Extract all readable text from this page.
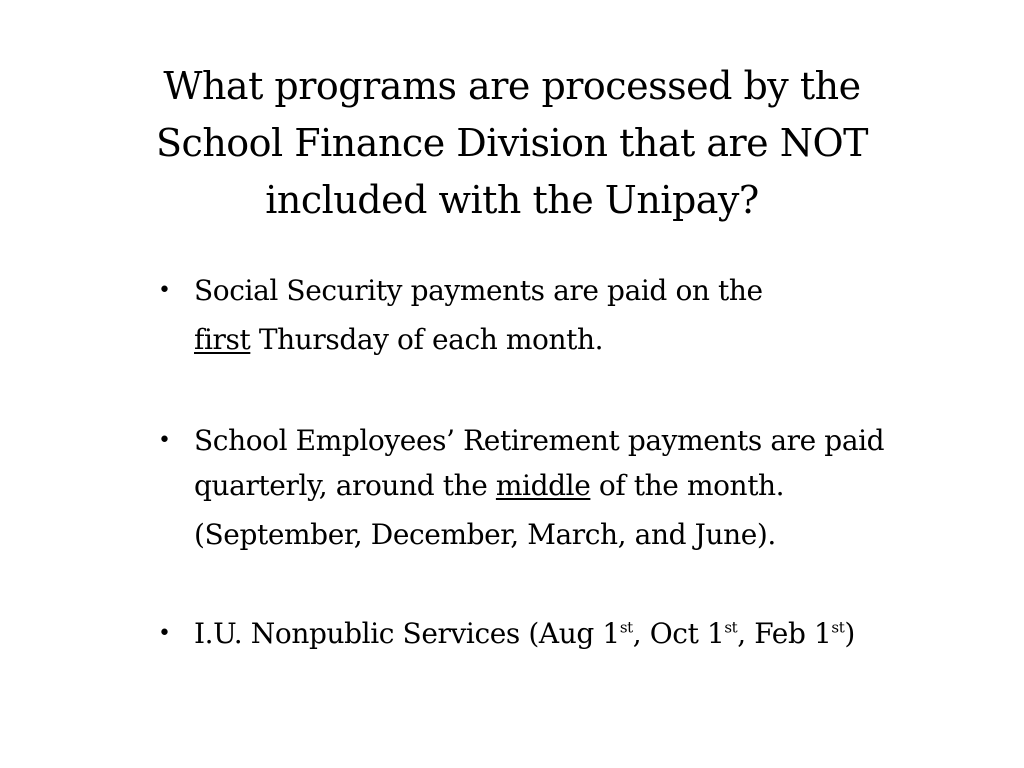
What programs are processed by the
School Finance Division that are NOT
included with the Unipay?
• Social Security payments are paid on the
first Thursday of each month.
• School Employees’ Retirement payments are paid
quarterly, around the middle of the month.
(September, December, March, and June).
• I.U. Nonpublic Services (Aug 1st, Oct 1st, Feb 1st)
